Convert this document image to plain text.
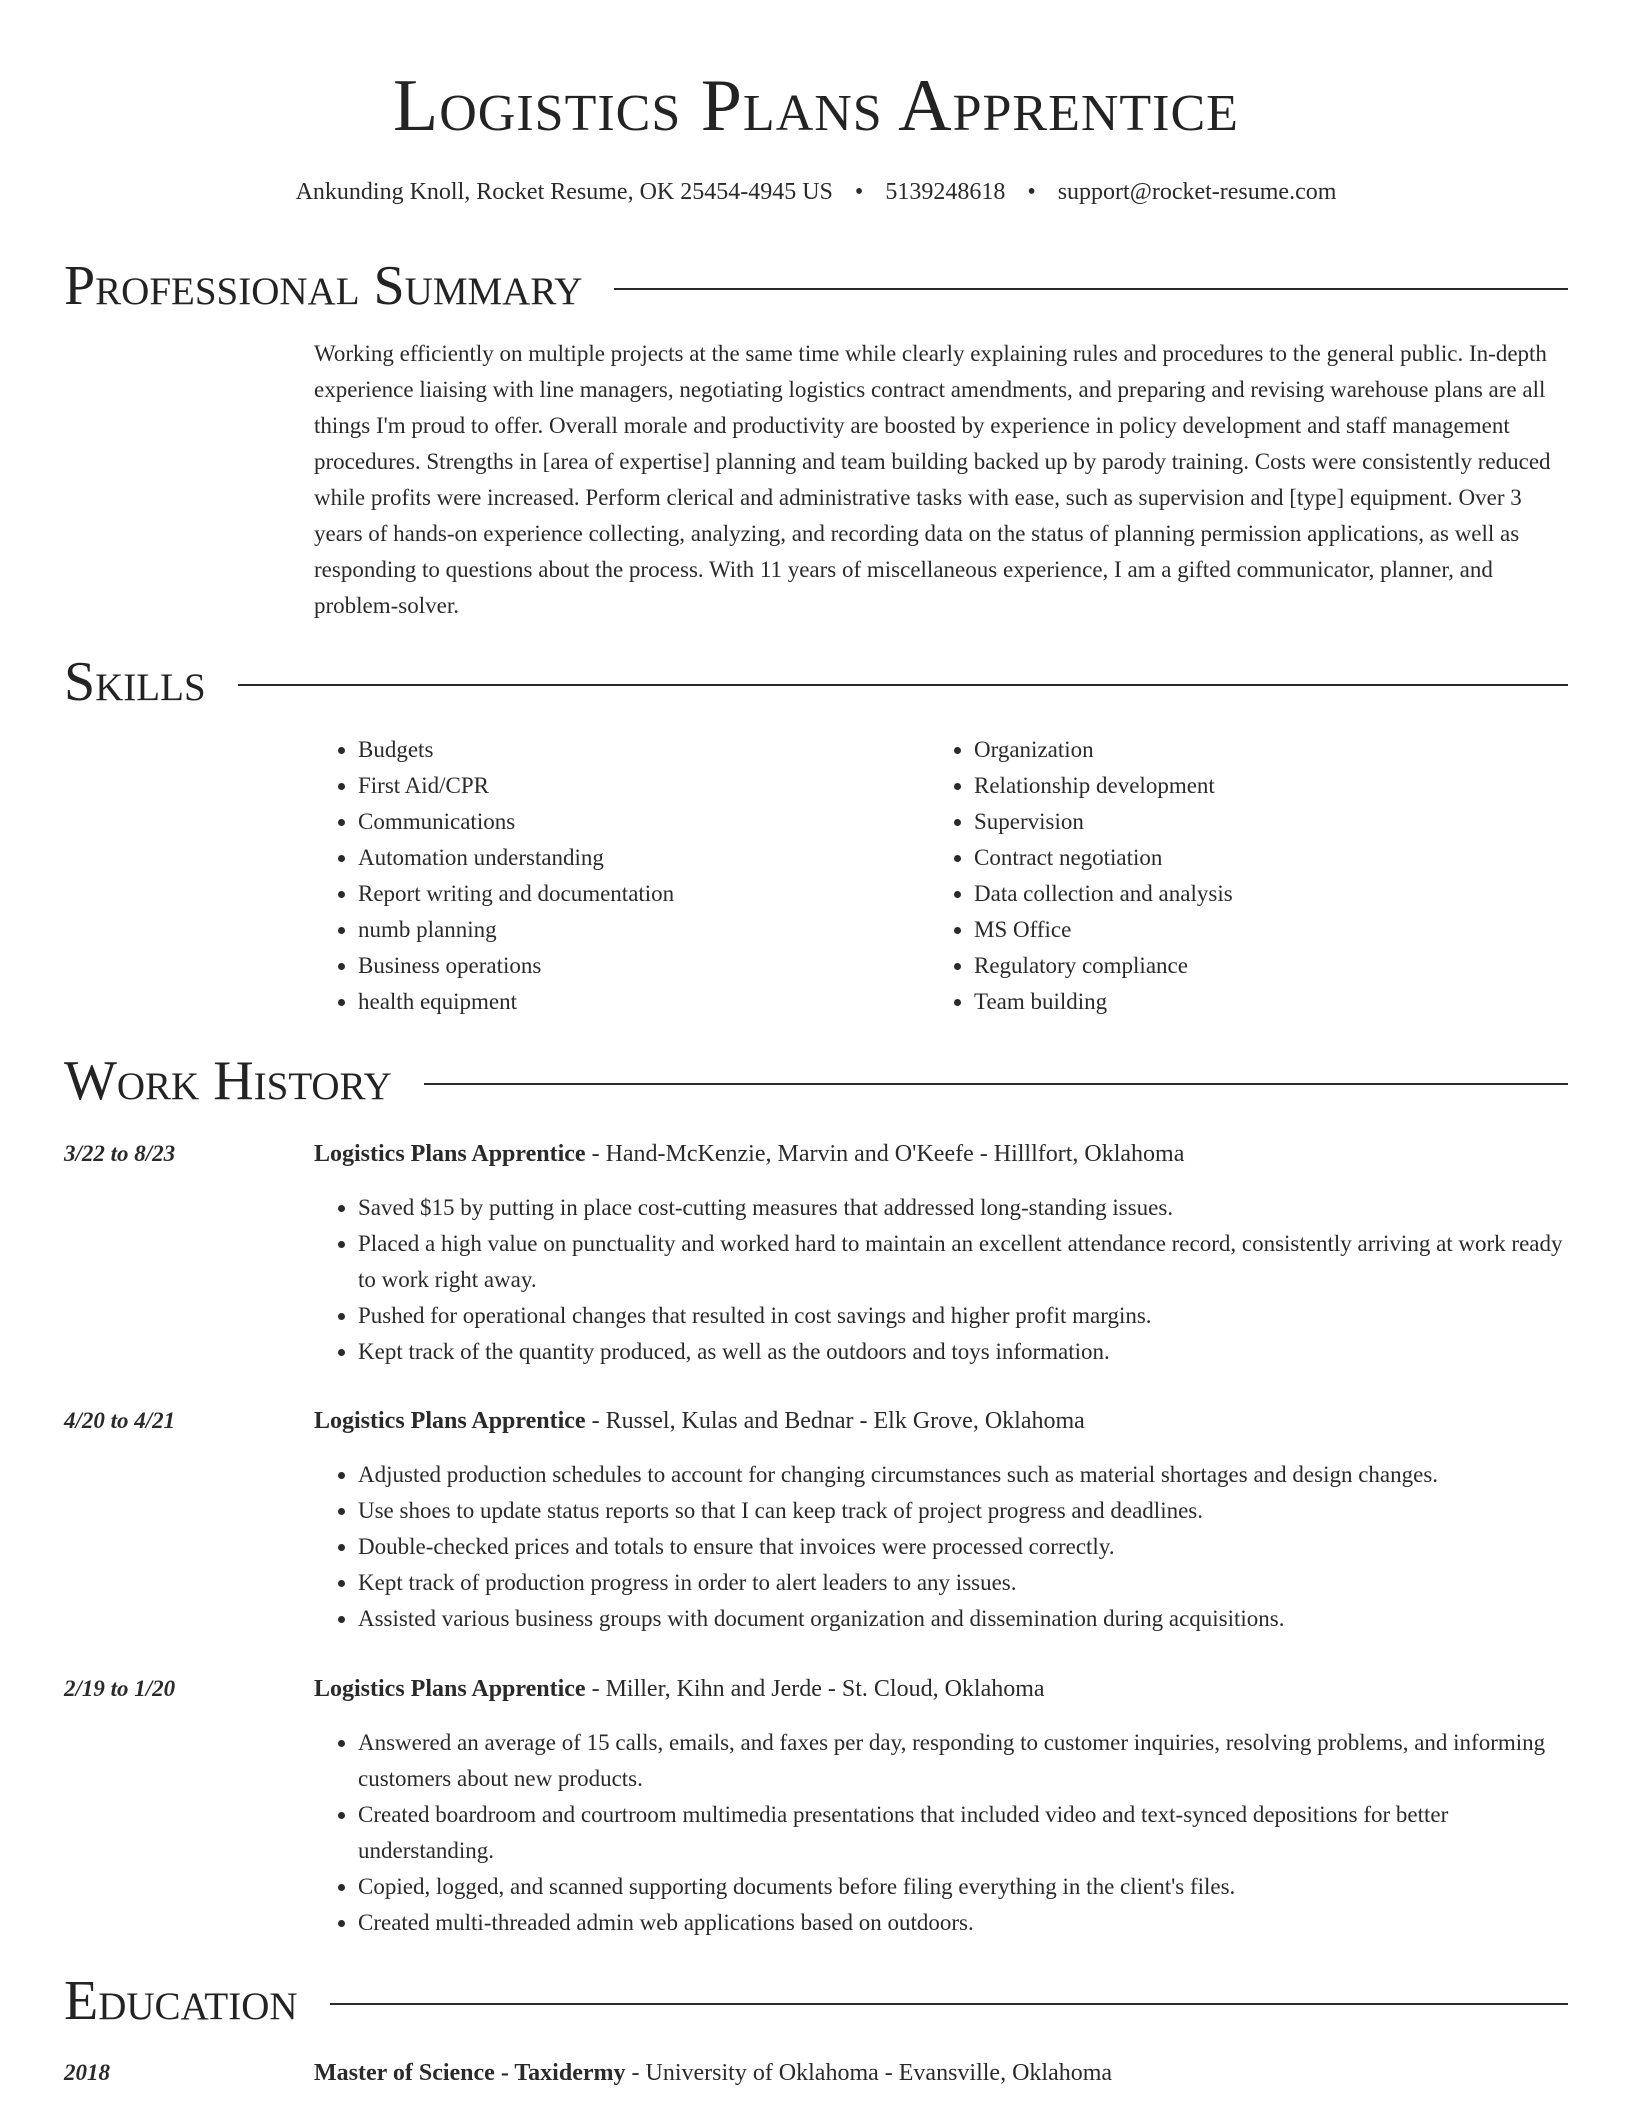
Logistics Plans Apprentice
Ankunding Knoll, Rocket Resume, OK 25454-4945 US • 5139248618 • support@rocket-resume.com
Professional Summary

Working efficiently on multiple projects at the same time while clearly explaining rules and procedures to the general public. In-depth experience liaising with line managers, negotiating logistics contract amendments, and preparing and revising warehouse plans are all things I'm proud to offer. Overall morale and productivity are boosted by experience in policy development and staff management procedures. Strengths in [area of expertise] planning and team building backed up by parody training. Costs were consistently reduced while profits were increased. Perform clerical and administrative tasks with ease, such as supervision and [type] equipment. Over 3 years of hands-on experience collecting, analyzing, and recording data on the status of planning permission applications, as well as responding to questions about the process. With 11 years of miscellaneous experience, I am a gifted communicator, planner, and problem-solver.

Skills
• Budgets
• First Aid/CPR
• Communications
• Automation understanding
• Report writing and documentation
• numb planning
• Business operations
• health equipment
• Organization
• Relationship development
• Supervision
• Contract negotiation
• Data collection and analysis
• MS Office
• Regulatory compliance
• Team building
Work History
3/22 to 8/23	Logistics Plans Apprentice - Hand-McKenzie, Marvin and O'Keefe - Hilllfort, Oklahoma
• Saved $15 by putting in place cost-cutting measures that addressed long-standing issues.
• Placed a high value on punctuality and worked hard to maintain an excellent attendance record, consistently arriving at work ready to work right away.
• Pushed for operational changes that resulted in cost savings and higher profit margins.
• Kept track of the quantity produced, as well as the outdoors and toys information.
4/20 to 4/21	Logistics Plans Apprentice - Russel, Kulas and Bednar - Elk Grove, Oklahoma
• Adjusted production schedules to account for changing circumstances such as material shortages and design changes.
• Use shoes to update status reports so that I can keep track of project progress and deadlines.
• Double-checked prices and totals to ensure that invoices were processed correctly.
• Kept track of production progress in order to alert leaders to any issues.
• Assisted various business groups with document organization and dissemination during acquisitions.
2/19 to 1/20	Logistics Plans Apprentice - Miller, Kihn and Jerde - St. Cloud, Oklahoma
• Answered an average of 15 calls, emails, and faxes per day, responding to customer inquiries, resolving problems, and informing customers about new products.
• Created boardroom and courtroom multimedia presentations that included video and text-synced depositions for better understanding.
• Copied, logged, and scanned supporting documents before filing everything in the client's files.
• Created multi-threaded admin web applications based on outdoors.
Education
2018	Master of Science - Taxidermy - University of Oklahoma - Evansville, Oklahoma
